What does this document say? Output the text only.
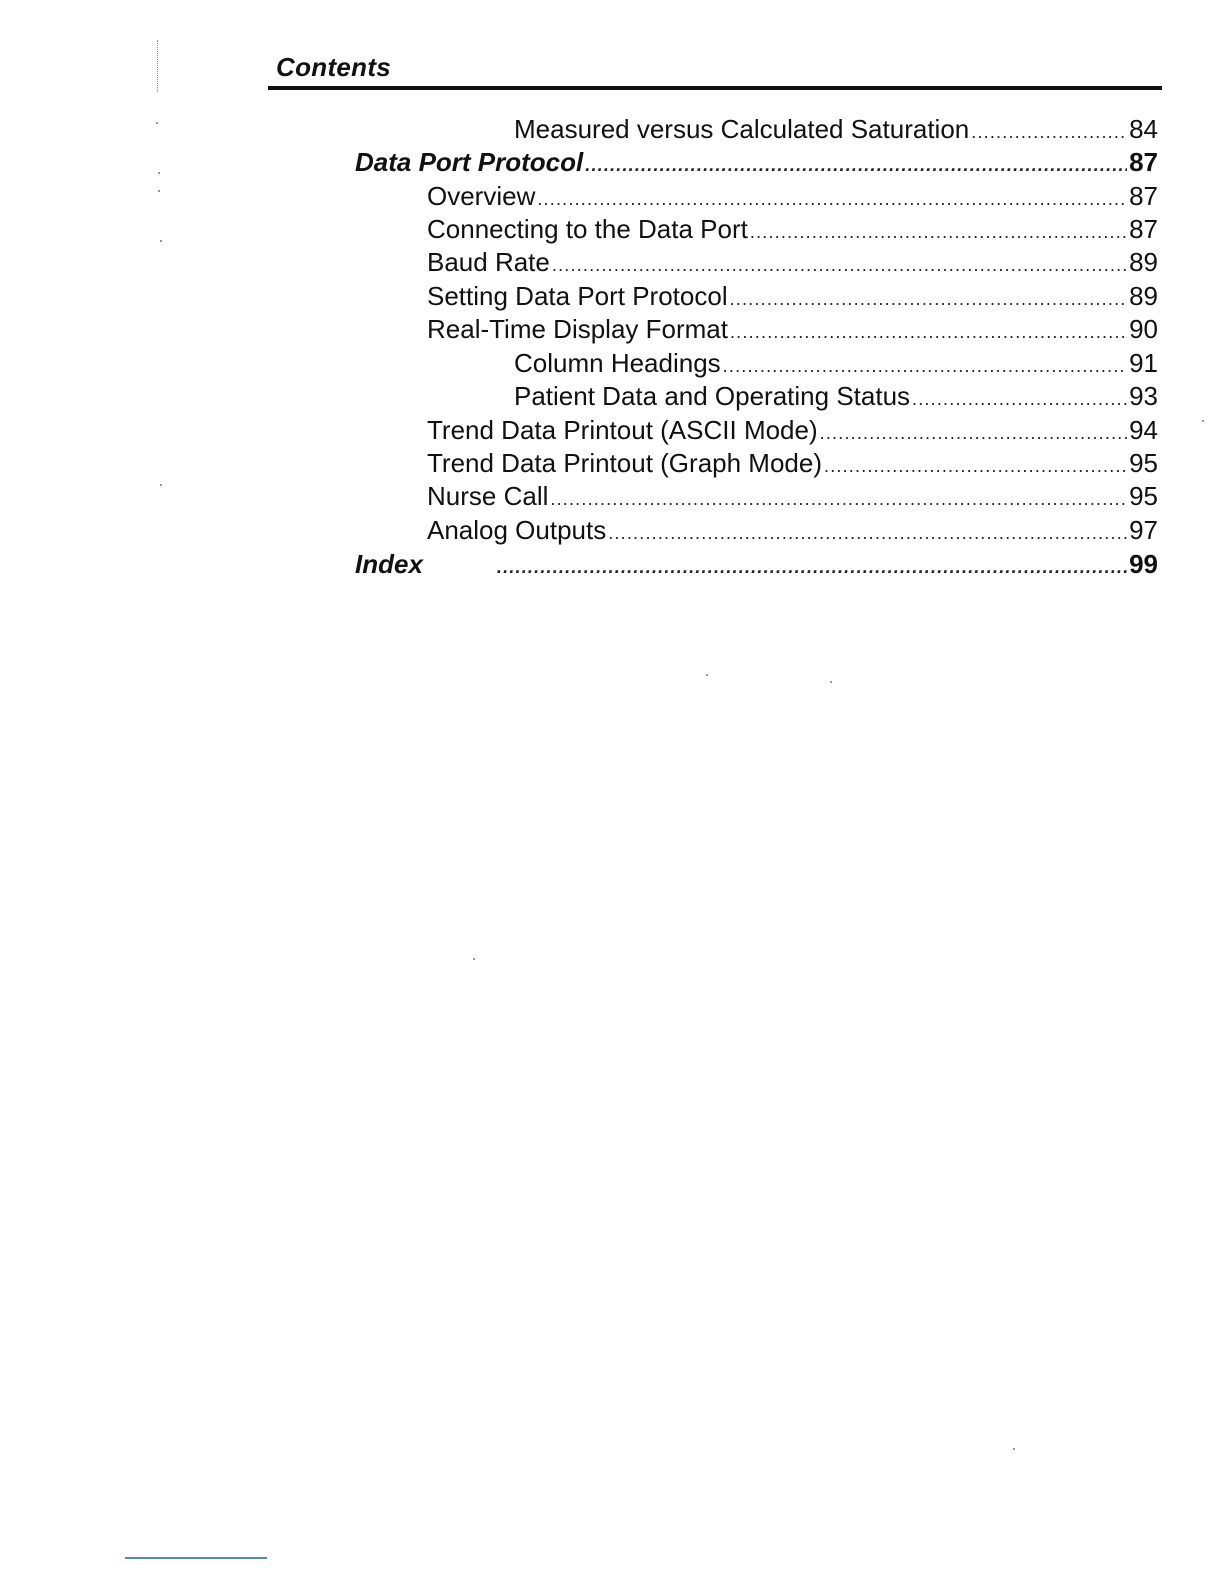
Contents
Measured versus Calculated Saturation .....	84
Data Port Protocol .....	87
Overview .....	87
Connecting to the Data Port .....	87
Baud Rate .....	89
Setting Data Port Protocol .....	89
Real-Time Display Format .....	90
Column Headings .....	91
Patient Data and Operating Status .....	93
Trend Data Printout (ASCII Mode) .....	94
Trend Data Printout (Graph Mode) .....	95
Nurse Call .....	95
Analog Outputs .....	97
Index .....	99
